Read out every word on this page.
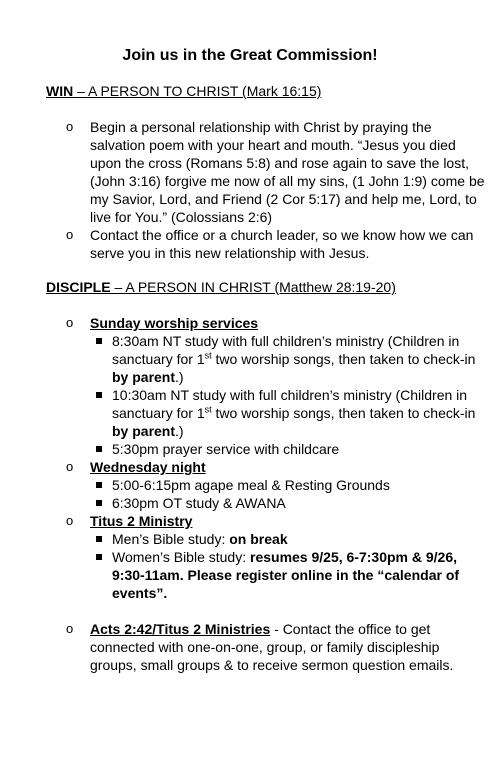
Join us in the Great Commission!
WIN – A PERSON TO CHRIST (Mark 16:15)
o	Begin a personal relationship with Christ by praying the salvation poem with your heart and mouth. “Jesus you died upon the cross (Romans 5:8) and rose again to save the lost, (John 3:16) forgive me now of all my sins, (1 John 1:9) come be my Savior, Lord, and Friend (2 Cor 5:17) and help me, Lord, to live for You.” (Colossians 2:6)
o	Contact the office or a church leader, so we know how we can serve you in this new relationship with Jesus.
DISCIPLE – A PERSON IN CHRIST (Matthew 28:19-20)
o	Sunday worship services
8:30am NT study with full children’s ministry (Children in sanctuary for 1st two worship songs, then taken to check-in by parent.)
10:30am NT study with full children’s ministry (Children in sanctuary for 1st two worship songs, then taken to check-in by parent.)
5:30pm prayer service with childcare
o	Wednesday night
5:00-6:15pm agape meal & Resting Grounds
6:30pm OT study & AWANA
o	Titus 2 Ministry
Men’s Bible study: on break
Women’s Bible study: resumes 9/25, 6-7:30pm & 9/26, 9:30-11am. Please register online in the “calendar of events”.
o	Acts 2:42/Titus 2 Ministries - Contact the office to get connected with one-on-one, group, or family discipleship groups, small groups & to receive sermon question emails.
